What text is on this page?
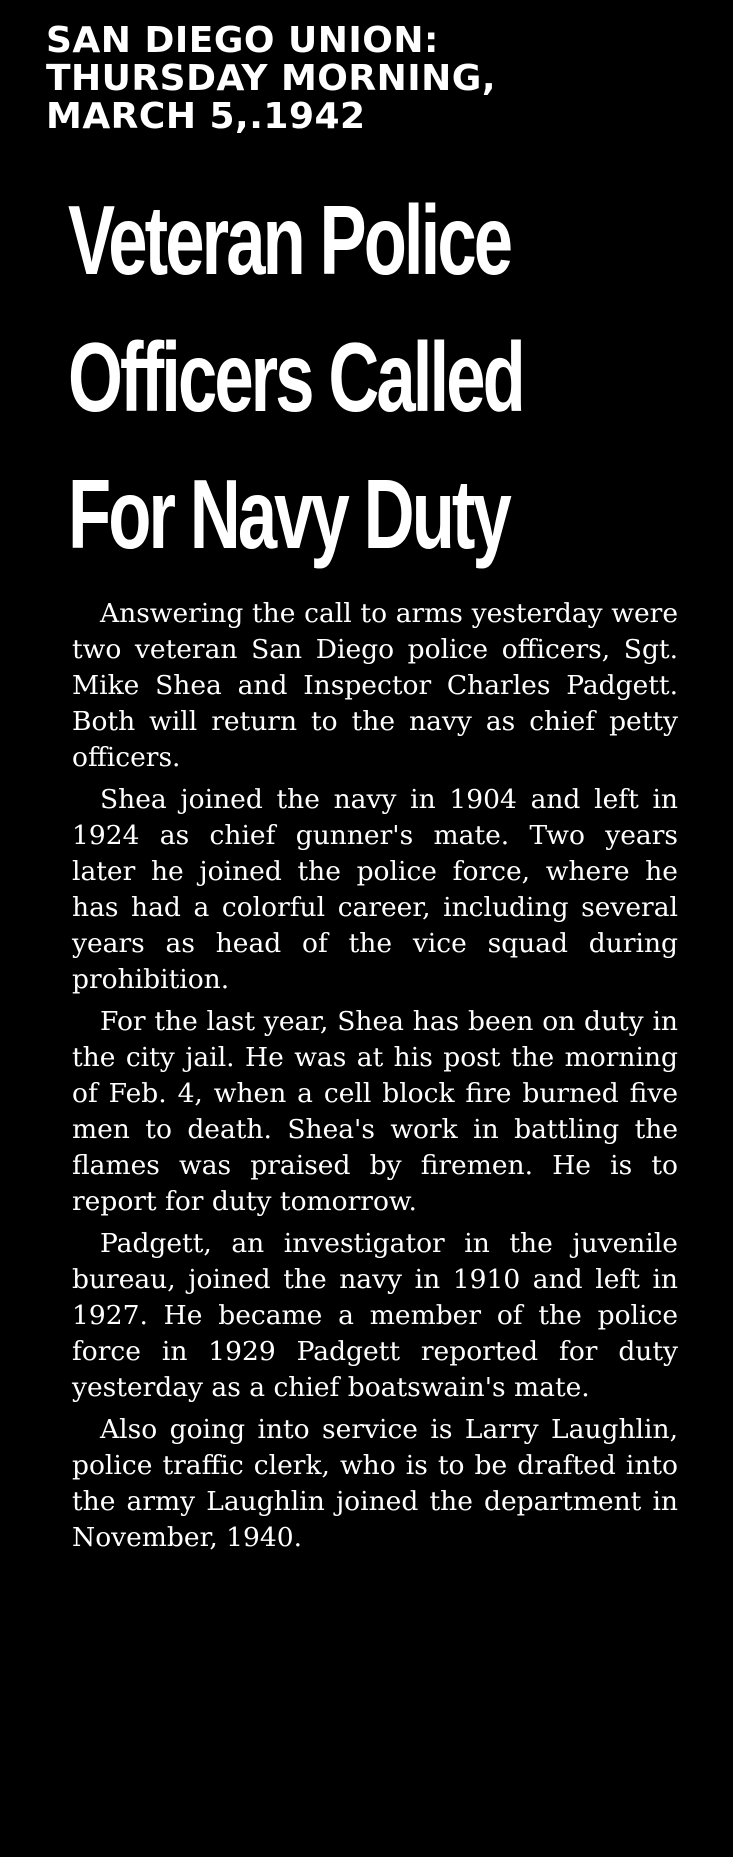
SAN DIEGO UNION:
THURSDAY MORNING,
MARCH 5,.1942
Veteran Police
Officers Called
For Navy Duty

Answering the call to arms yesterday were two veteran San Diego police officers, Sgt. Mike Shea and Inspector Charles Padgett. Both will return to the navy as chief petty officers.

Shea joined the navy in 1904 and left in 1924 as chief gunner's mate. Two years later he joined the police force, where he has had a colorful career, including several years as head of the vice squad during prohibition.

For the last year, Shea has been on duty in the city jail. He was at his post the morning of Feb. 4, when a cell block fire burned five men to death. Shea's work in battling the flames was praised by firemen. He is to report for duty tomorrow.

Padgett, an investigator in the juvenile bureau, joined the navy in 1910 and left in 1927. He became a member of the police force in 1929 Padgett reported for duty yesterday as a chief boatswain's mate.

Also going into service is Larry Laughlin, police traffic clerk, who is to be drafted into the army Laughlin joined the department in November, 1940.
